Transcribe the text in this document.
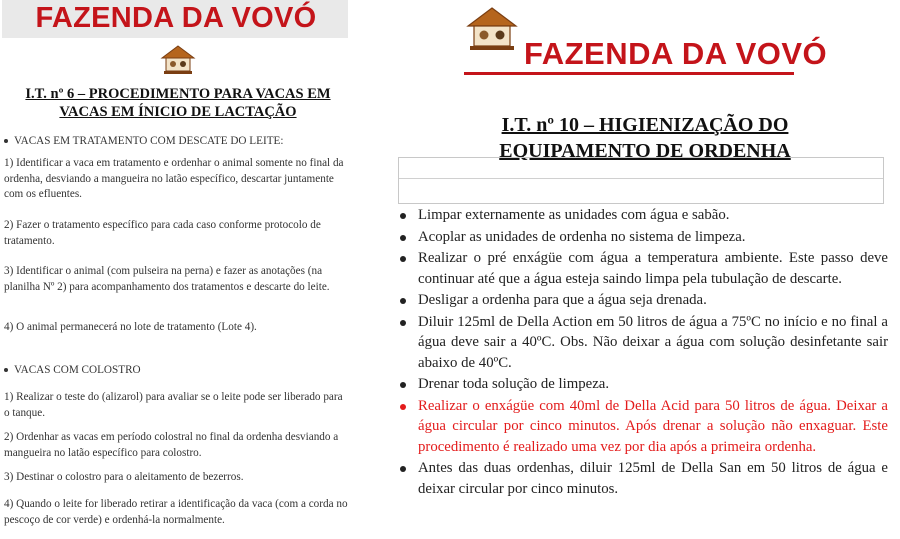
FAZENDA DA VOVÓ
I.T. nº 6 – PROCEDIMENTO PARA VACAS EM VACAS EM ÍNICIO DE LACTAÇÃO
VACAS EM TRATAMENTO COM DESCATE DO LEITE:
1) Identificar a vaca em tratamento e ordenhar o animal somente no final da ordenha, desviando a mangueira no latão específico, descartar juntamente com os efluentes.
2) Fazer o tratamento específico para cada caso conforme protocolo de tratamento.
3) Identificar o animal (com pulseira na perna) e fazer as anotações (na planilha Nº 2) para acompanhamento dos tratamentos e descarte do leite.
4) O animal permanecerá no lote de tratamento (Lote 4).
VACAS COM COLOSTRO
1) Realizar o teste do (alizarol) para avaliar se o leite pode ser liberado para o tanque.
2) Ordenhar as vacas em período colostral no final da ordenha desviando a mangueira no latão específico para colostro.
3) Destinar o colostro para o aleitamento de bezerros.
4) Quando o leite for liberado retirar a identificação da vaca (com a corda no pescoço de cor verde) e ordenhá-la normalmente.
FAZENDA DA VOVÓ
I.T. nº 10 – HIGIENIZAÇÃO DO
EQUIPAMENTO DE ORDENHA
Limpar externamente as unidades com água e sabão.
Acoplar as unidades de ordenha no sistema de limpeza.
Realizar o pré enxágüe com água a temperatura ambiente. Este passo deve continuar até que a água esteja saindo limpa pela tubulação de descarte.
Desligar a ordenha para que a água seja drenada.
Diluir 125ml de Della Action em 50 litros de água a 75ºC no início e no final a água deve sair a 40ºC. Obs. Não deixar a água com solução desinfetante sair abaixo de 40ºC.
Drenar toda solução de limpeza.
Realizar o enxágüe com 40ml de Della Acid para 50 litros de água. Deixar a água circular por cinco minutos. Após drenar a solução não enxaguar. Este procedimento é realizado uma vez por dia após a primeira ordenha.
Antes das duas ordenhas, diluir 125ml de Della San em 50 litros de água e deixar circular por cinco minutos.
